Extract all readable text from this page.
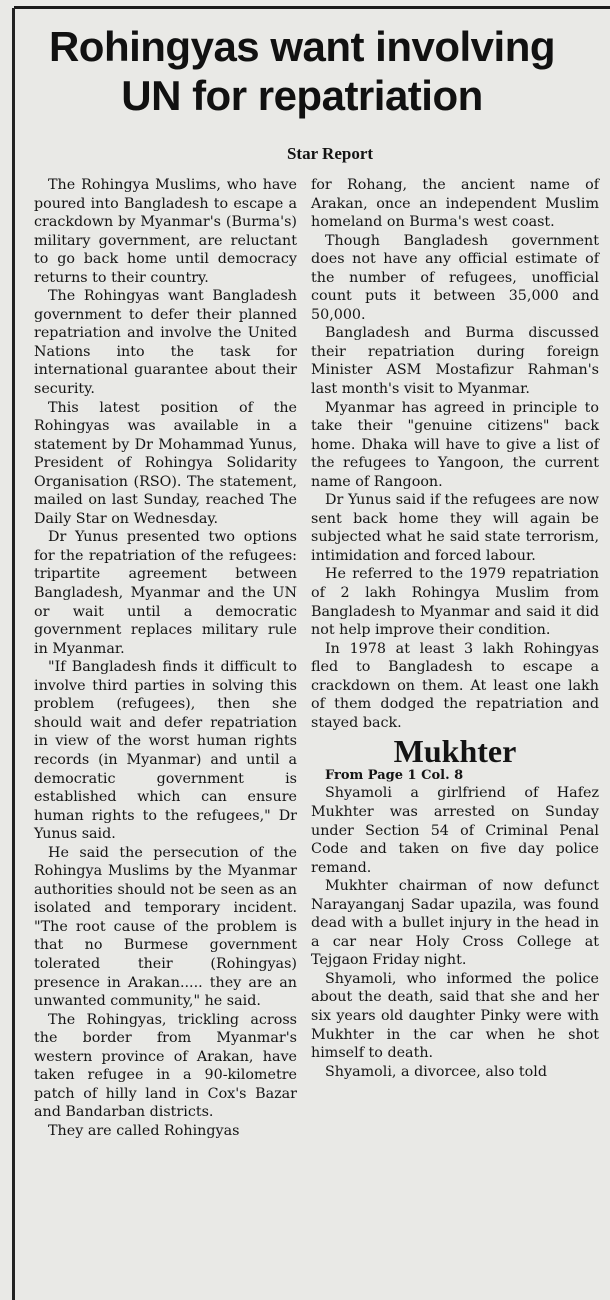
Rohingyas want involving
UN for repatriation

Star Report

The Rohingya Muslims, who have poured into Bangladesh to escape a crackdown by Myanmar's (Burma's) military government, are reluctant to go back home until democracy returns to their country.

The Rohingyas want Bangladesh government to defer their planned repatriation and involve the United Nations into the task for international guarantee about their security.

This latest position of the Rohingyas was available in a statement by Dr Mohammad Yunus, President of Rohingya Solidarity Organisation (RSO). The statement, mailed on last Sunday, reached The Daily Star on Wednesday.

Dr Yunus presented two options for the repatriation of the refugees: tripartite agreement between Bangladesh, Myanmar and the UN or wait until a democratic government replaces military rule in Myanmar.

"If Bangladesh finds it difficult to involve third parties in solving this problem (refugees), then she should wait and defer repatriation in view of the worst human rights records (in Myanmar) and until a democratic government is established which can ensure human rights to the refugees," Dr Yunus said.

He said the persecution of the Rohingya Muslims by the Myanmar authorities should not be seen as an isolated and temporary incident. "The root cause of the problem is that no Burmese government tolerated their (Rohingyas) presence in Arakan..... they are an unwanted community," he said.

The Rohingyas, trickling across the border from Myanmar's western province of Arakan, have taken refugee in a 90-kilometre patch of hilly land in Cox's Bazar and Bandarban districts.

They are called Rohingyas

for Rohang, the ancient name of Arakan, once an independent Muslim homeland on Burma's west coast.

Though Bangladesh government does not have any official estimate of the number of refugees, unofficial count puts it between 35,000 and 50,000.

Bangladesh and Burma discussed their repatriation during foreign Minister ASM Mostafizur Rahman's last month's visit to Myanmar.

Myanmar has agreed in principle to take their "genuine citizens" back home. Dhaka will have to give a list of the refugees to Yangoon, the current name of Rangoon.

Dr Yunus said if the refugees are now sent back home they will again be subjected what he said state terrorism, intimidation and forced labour.

He referred to the 1979 repatriation of 2 lakh Rohingya Muslim from Bangladesh to Myanmar and said it did not help improve their condition.

In 1978 at least 3 lakh Rohingyas fled to Bangladesh to escape a crackdown on them. At least one lakh of them dodged the repatriation and stayed back.

Mukhter

From Page 1 Col. 8

Shyamoli a girlfriend of Hafez Mukhter was arrested on Sunday under Section 54 of Criminal Penal Code and taken on five day police remand.

Mukhter chairman of now defunct Narayanganj Sadar upazila, was found dead with a bullet injury in the head in a car near Holy Cross College at Tejgaon Friday night.

Shyamoli, who informed the police about the death, said that she and her six years old daughter Pinky were with Mukhter in the car when he shot himself to death.

Shyamoli, a divorcee, also told
